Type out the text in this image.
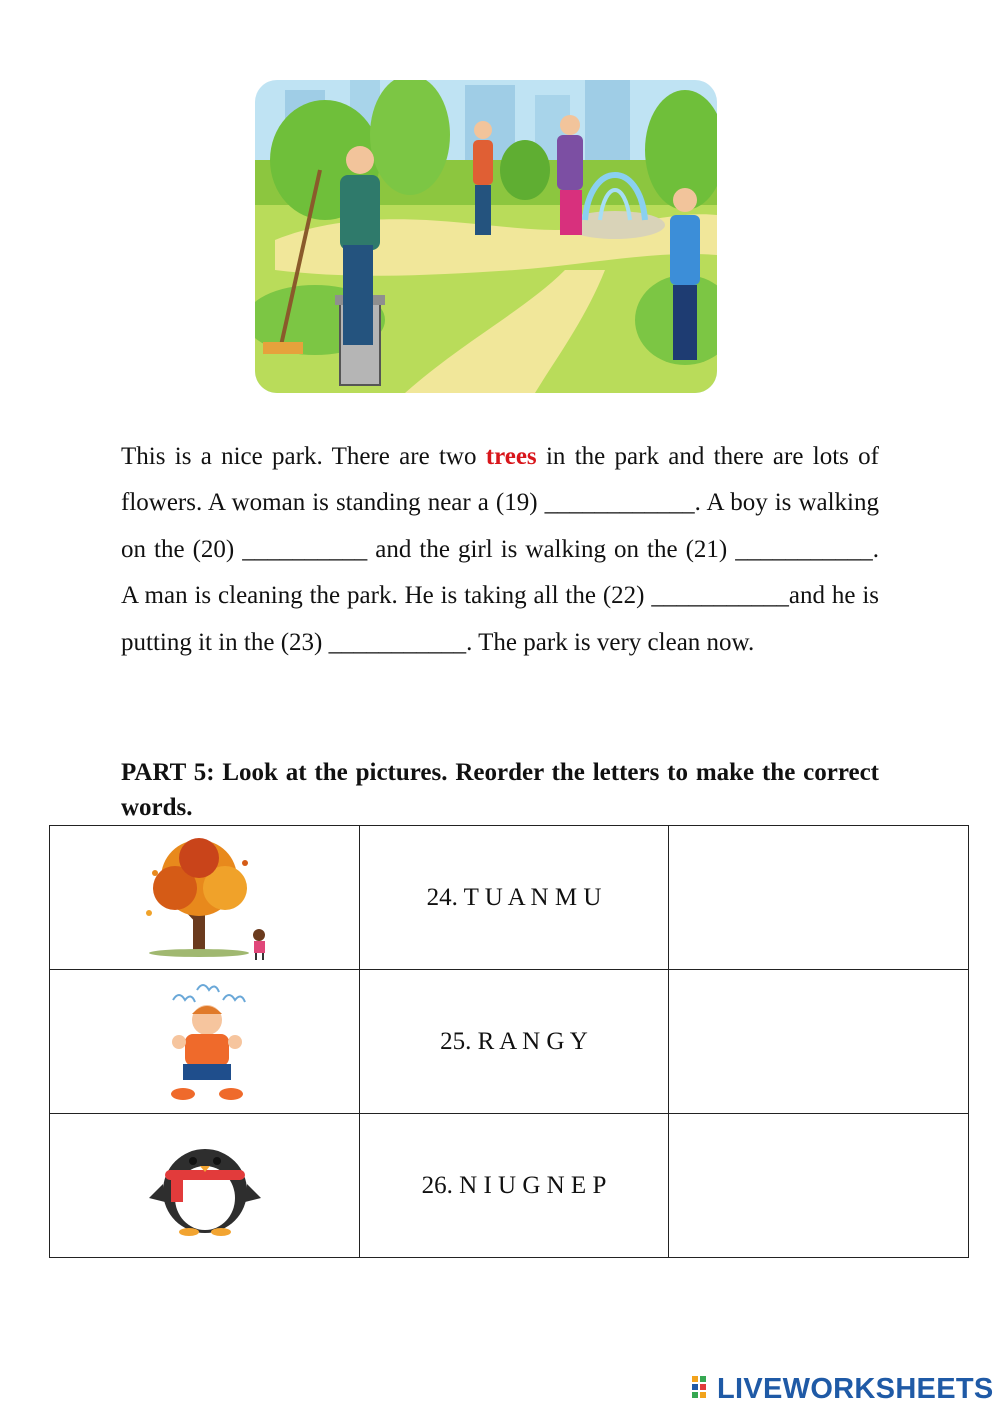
This is a nice park. There are two trees in the park and there are lots of flowers. A woman is standing near a (19) ____________. A boy is walking on the (20) __________ and the girl is walking on the (21) ___________. A man is cleaning the park. He is taking all the (22) ___________and he is putting it in the (23) ___________. The park is very clean now.
PART 5: Look at the pictures. Reorder the letters to make the correct words.
	24. T U A N M U	

	25. R A N G Y	

	26. N I U G N E P	
LIVEWORKSHEETS
